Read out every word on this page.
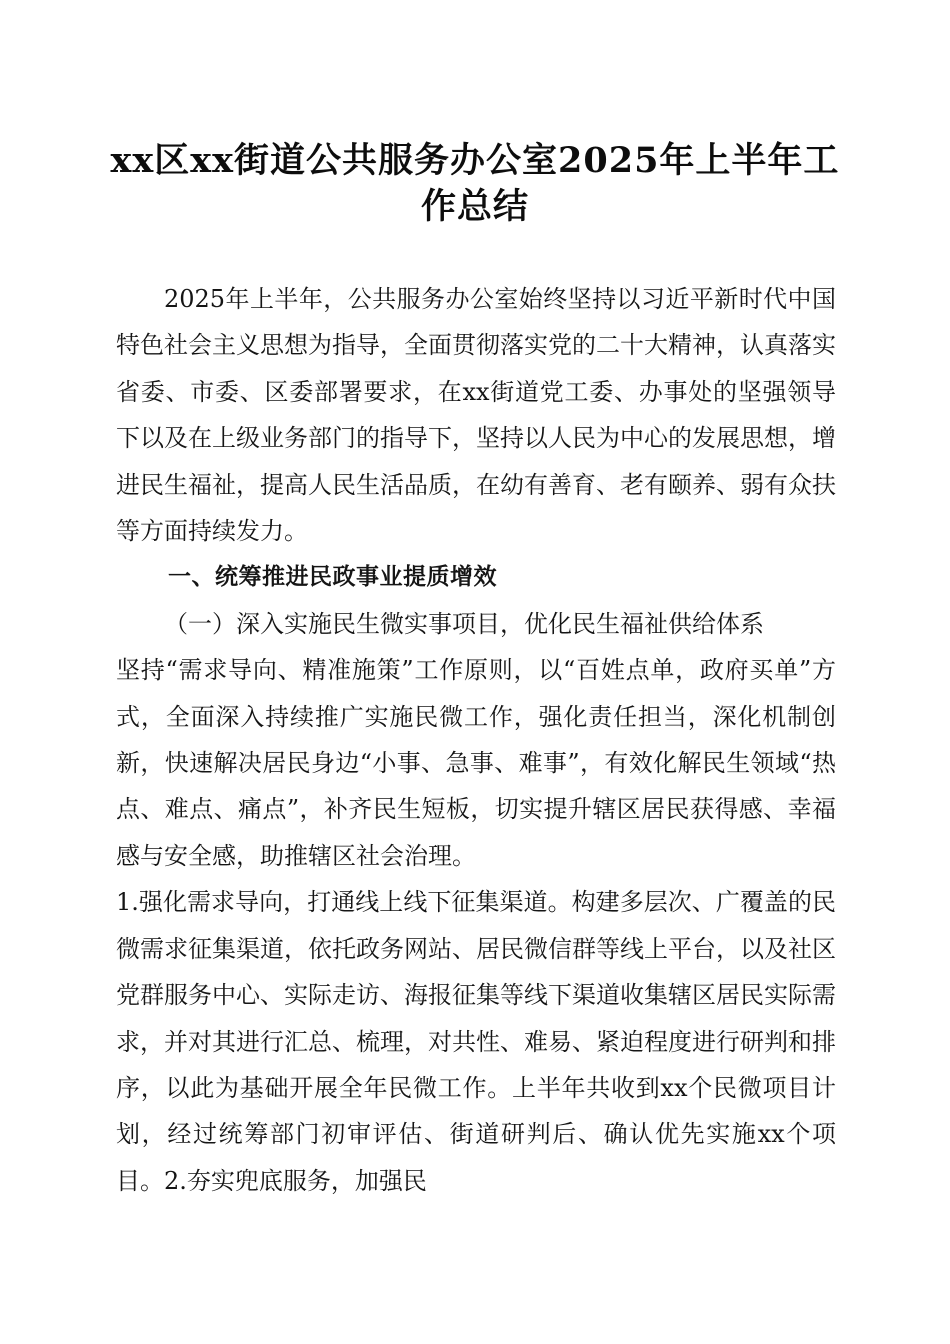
xx区xx街道公共服务办公室2025年上半年工
作总结

2025年上半年，公共服务办公室始终坚持以习近平新时代中国特色社会主义思想为指导，全面贯彻落实党的二十大精神，认真落实省委、市委、区委部署要求，在xx街道党工委、办事处的坚强领导下以及在上级业务部门的指导下，坚持以人民为中心的发展思想，增进民生福祉，提高人民生活品质，在幼有善育、老有颐养、弱有众扶等方面持续发力。

一、统筹推进民政事业提质增效

（一）深入实施民生微实事项目，优化民生福祉供给体系

坚持“需求导向、精准施策”工作原则，以“百姓点单，政府买单”方式，全面深入持续推广实施民微工作，强化责任担当，深化机制创新，快速解决居民身边“小事、急事、难事”，有效化解民生领域“热点、难点、痛点”，补齐民生短板，切实提升辖区居民获得感、幸福感与安全感，助推辖区社会治理。

1.强化需求导向，打通线上线下征集渠道。构建多层次、广覆盖的民微需求征集渠道，依托政务网站、居民微信群等线上平台，以及社区党群服务中心、实际走访、海报征集等线下渠道收集辖区居民实际需求，并对其进行汇总、梳理，对共性、难易、紧迫程度进行研判和排序，以此为基础开展全年民微工作。上半年共收到xx个民微项目计划，经过统筹部门初审评估、街道研判后、确认优先实施xx个项目。2.夯实兜底服务，加强民
